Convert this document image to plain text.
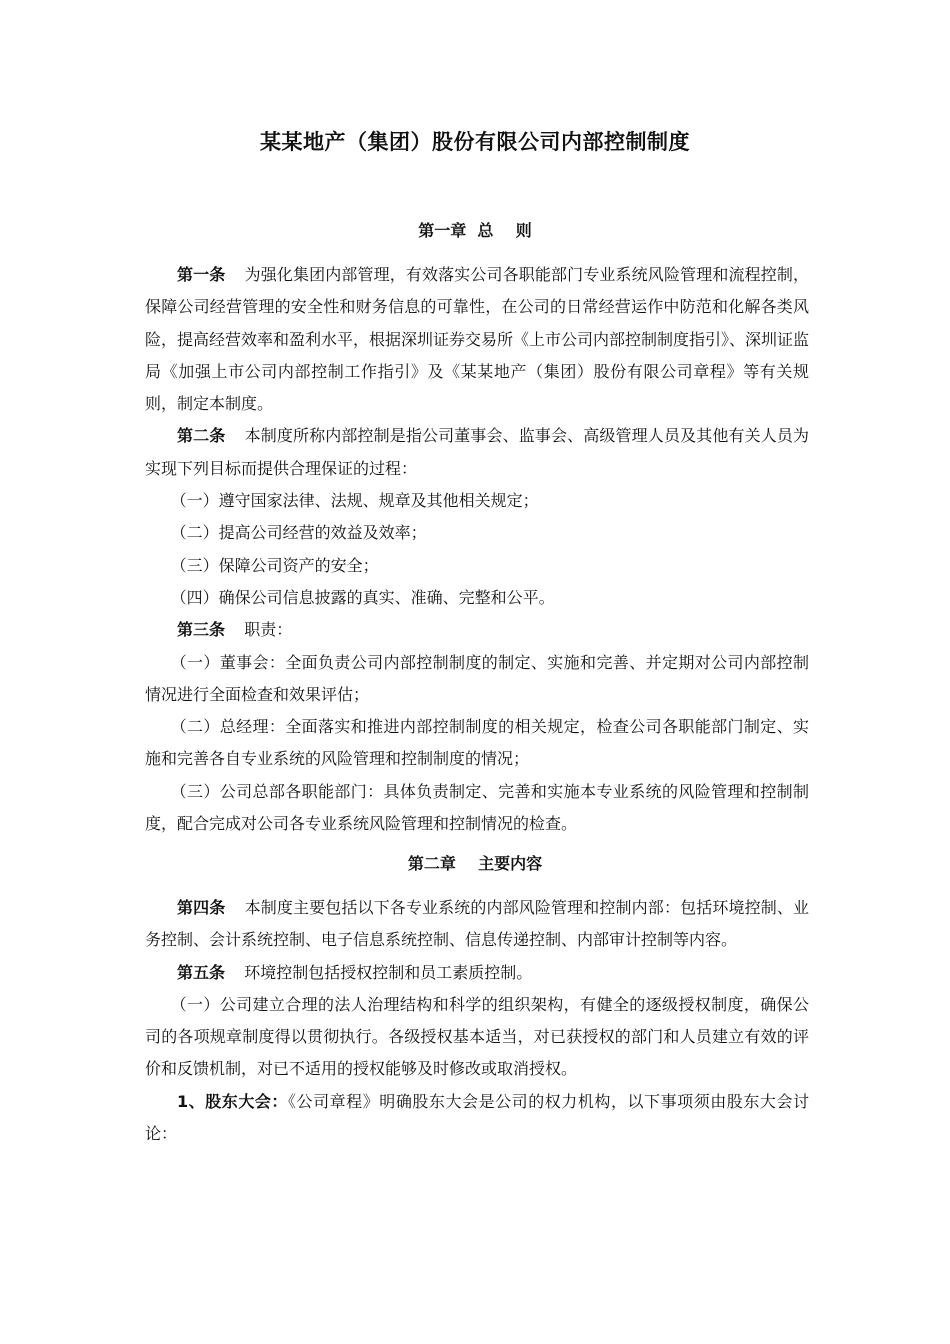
某某地产（集团）股份有限公司内部控制制度
第一章  总    则

第一条 为强化集团内部管理，有效落实公司各职能部门专业系统风险管理和流程控制，保障公司经营管理的安全性和财务信息的可靠性，在公司的日常经营运作中防范和化解各类风险，提高经营效率和盈利水平，根据深圳证券交易所《上市公司内部控制制度指引》、深圳证监局《加强上市公司内部控制工作指引》及《某某地产（集团）股份有限公司章程》等有关规则，制定本制度。

第二条 本制度所称内部控制是指公司董事会、监事会、高级管理人员及其他有关人员为实现下列目标而提供合理保证的过程：

（一）遵守国家法律、法规、规章及其他相关规定；

（二）提高公司经营的效益及效率；

（三）保障公司资产的安全；

（四）确保公司信息披露的真实、准确、完整和公平。

第三条 职责：

（一）董事会：全面负责公司内部控制制度的制定、实施和完善、并定期对公司内部控制情况进行全面检查和效果评估；

（二）总经理：全面落实和推进内部控制制度的相关规定，检查公司各职能部门制定、实施和完善各自专业系统的风险管理和控制制度的情况；

（三）公司总部各职能部门：具体负责制定、完善和实施本专业系统的风险管理和控制制度，配合完成对公司各专业系统风险管理和控制情况的检查。

第二章    主要内容

第四条 本制度主要包括以下各专业系统的内部风险管理和控制内部：包括环境控制、业务控制、会计系统控制、电子信息系统控制、信息传递控制、内部审计控制等内容。

第五条 环境控制包括授权控制和员工素质控制。

（一）公司建立合理的法人治理结构和科学的组织架构，有健全的逐级授权制度，确保公司的各项规章制度得以贯彻执行。各级授权基本适当，对已获授权的部门和人员建立有效的评价和反馈机制，对已不适用的授权能够及时修改或取消授权。

1、股东大会：《公司章程》明确股东大会是公司的权力机构，以下事项须由股东大会讨论：
